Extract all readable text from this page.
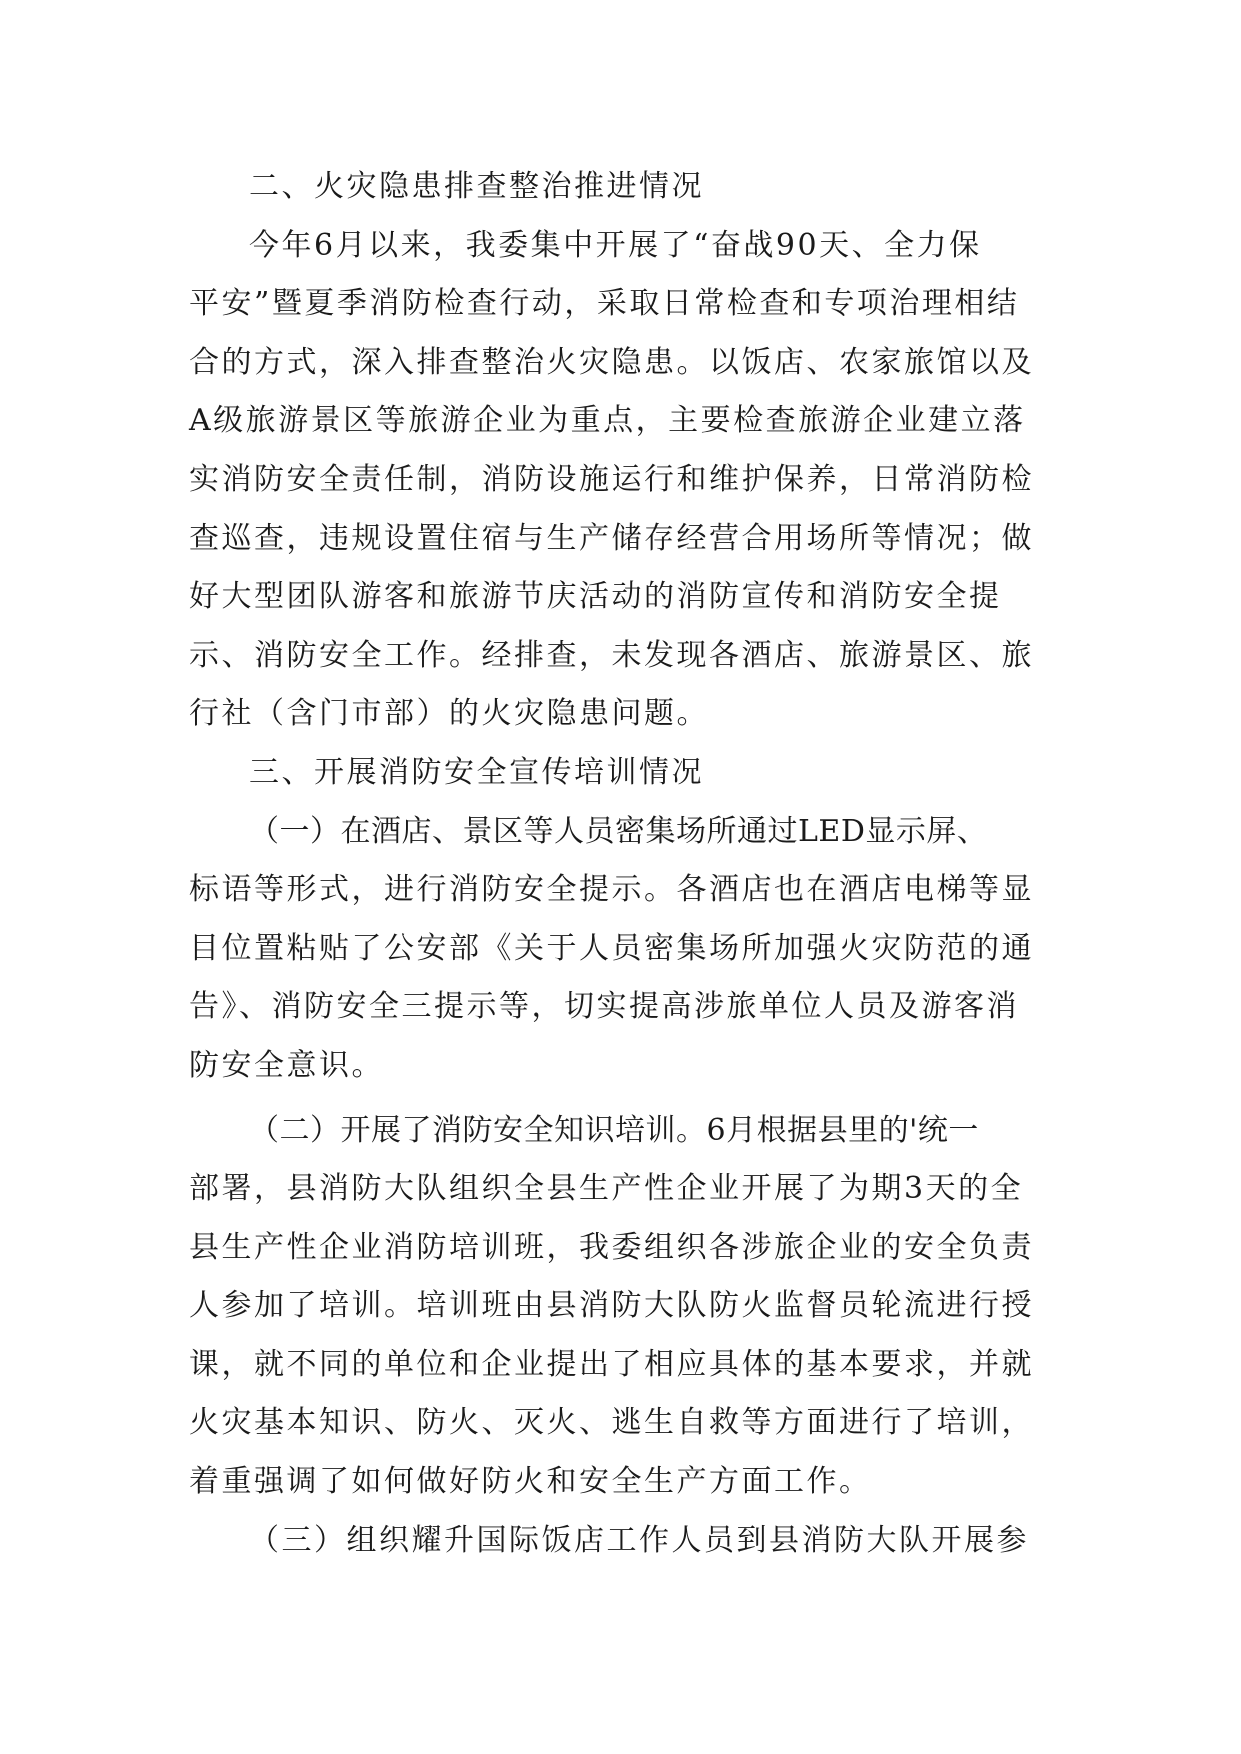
二、火灾隐患排查整治推进情况
今年6月以来，我委集中开展了“奋战90天、全力保
平安”暨夏季消防检查行动，采取日常检查和专项治理相结
合的方式，深入排查整治火灾隐患。以饭店、农家旅馆以及
A级旅游景区等旅游企业为重点，主要检查旅游企业建立落
实消防安全责任制，消防设施运行和维护保养，日常消防检
查巡查，违规设置住宿与生产储存经营合用场所等情况；做
好大型团队游客和旅游节庆活动的消防宣传和消防安全提
示、消防安全工作。经排查，未发现各酒店、旅游景区、旅
行社（含门市部）的火灾隐患问题。
三、开展消防安全宣传培训情况
（一）在酒店、景区等人员密集场所通过LED显示屏、
标语等形式，进行消防安全提示。各酒店也在酒店电梯等显
目位置粘贴了公安部《关于人员密集场所加强火灾防范的通
告》、消防安全三提示等，切实提高涉旅单位人员及游客消
防安全意识。
（二）开展了消防安全知识培训。6月根据县里的'统一
部署，县消防大队组织全县生产性企业开展了为期3天的全
县生产性企业消防培训班，我委组织各涉旅企业的安全负责
人参加了培训。培训班由县消防大队防火监督员轮流进行授
课，就不同的单位和企业提出了相应具体的基本要求，并就
火灾基本知识、防火、灭火、逃生自救等方面进行了培训，
着重强调了如何做好防火和安全生产方面工作。
（三）组织耀升国际饭店工作人员到县消防大队开展参
